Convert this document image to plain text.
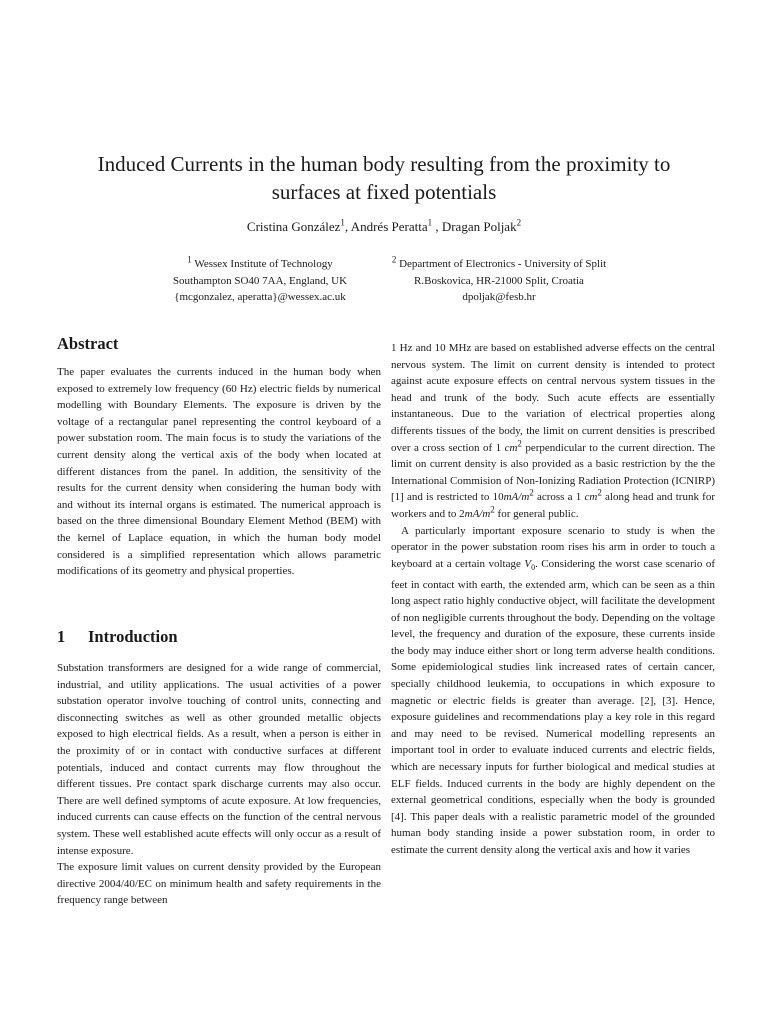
Induced Currents in the human body resulting from the proximity to
surfaces at fixed potentials
Cristina González$^1$, Andrés Peratta$^1$ , Dragan Poljak$^2$
$^1$ Wessex Institute of Technology
Southampton SO40 7AA, England, UK
{mcgonzalez, aperatta}@wessex.ac.uk
$^2$ Department of Electronics - University of Split
R.Boskovica, HR-21000 Split, Croatia
dpoljak@fesb.hr
Abstract

The paper evaluates the currents induced in the human body when exposed to extremely low frequency (60 Hz) electric fields by numerical modelling with Boundary Elements. The exposure is driven by the voltage of a rectangular panel representing the control keyboard of a power substation room. The main focus is to study the variations of the current density along the vertical axis of the body when located at different distances from the panel. In addition, the sensitivity of the results for the current density when considering the human body with and without its internal organs is estimated. The numerical approach is based on the three dimensional Boundary Element Method (BEM) with the kernel of Laplace equation, in which the human body model considered is a simplified representation which allows parametric modifications of its geometry and physical properties.

1 Introduction

Substation transformers are designed for a wide range of commercial, industrial, and utility applications. The usual activities of a power substation operator involve touching of control units, connecting and disconnecting switches as well as other grounded metallic objects exposed to high electrical fields. As a result, when a person is either in the proximity of or in contact with conductive surfaces at different potentials, induced and contact currents may flow throughout the different tissues. Pre contact spark discharge currents may also occur. There are well defined symptoms of acute exposure. At low frequencies, induced currents can cause effects on the function of the central nervous system. These well established acute effects will only occur as a result of intense exposure.

The exposure limit values on current density provided by the European directive 2004/40/EC on minimum health and safety requirements in the frequency range between

1 Hz and 10 MHz are based on established adverse effects on the central nervous system. The limit on current density is intended to protect against acute exposure effects on central nervous system tissues in the head and trunk of the body. Such acute effects are essentially instantaneous. Due to the variation of electrical properties along differents tissues of the body, the limit on current densities is prescribed over a cross section of 1 $cm^2$ perpendicular to the current direction. The limit on current density is also provided as a basic restriction by the the International Commision of Non-Ionizing Radiation Protection (ICNIRP)[1] and is restricted to $10mA/m^2$ across a 1 $cm^2$ along head and trunk for workers and to $2mA/m^2$ for general public.

A particularly important exposure scenario to study is when the operator in the power substation room rises his arm in order to touch a keyboard at a certain voltage $V_0$. Considering the worst case scenario of feet in contact with earth, the extended arm, which can be seen as a thin long aspect ratio highly conductive object, will facilitate the development of non negligible currents throughout the body. Depending on the voltage level, the frequency and duration of the exposure, these currents inside the body may induce either short or long term adverse health conditions. Some epidemiological studies link increased rates of certain cancer, specially childhood leukemia, to occupations in which exposure to magnetic or electric fields is greater than average. [2], [3]. Hence, exposure guidelines and recommendations play a key role in this regard and may need to be revised. Numerical modelling represents an important tool in order to evaluate induced currents and electric fields, which are necessary inputs for further biological and medical studies at ELF fields. Induced currents in the body are highly dependent on the external geometrical conditions, especially when the body is grounded [4]. This paper deals with a realistic parametric model of the grounded human body standing inside a power substation room, in order to estimate the current density along the vertical axis and how it varies
